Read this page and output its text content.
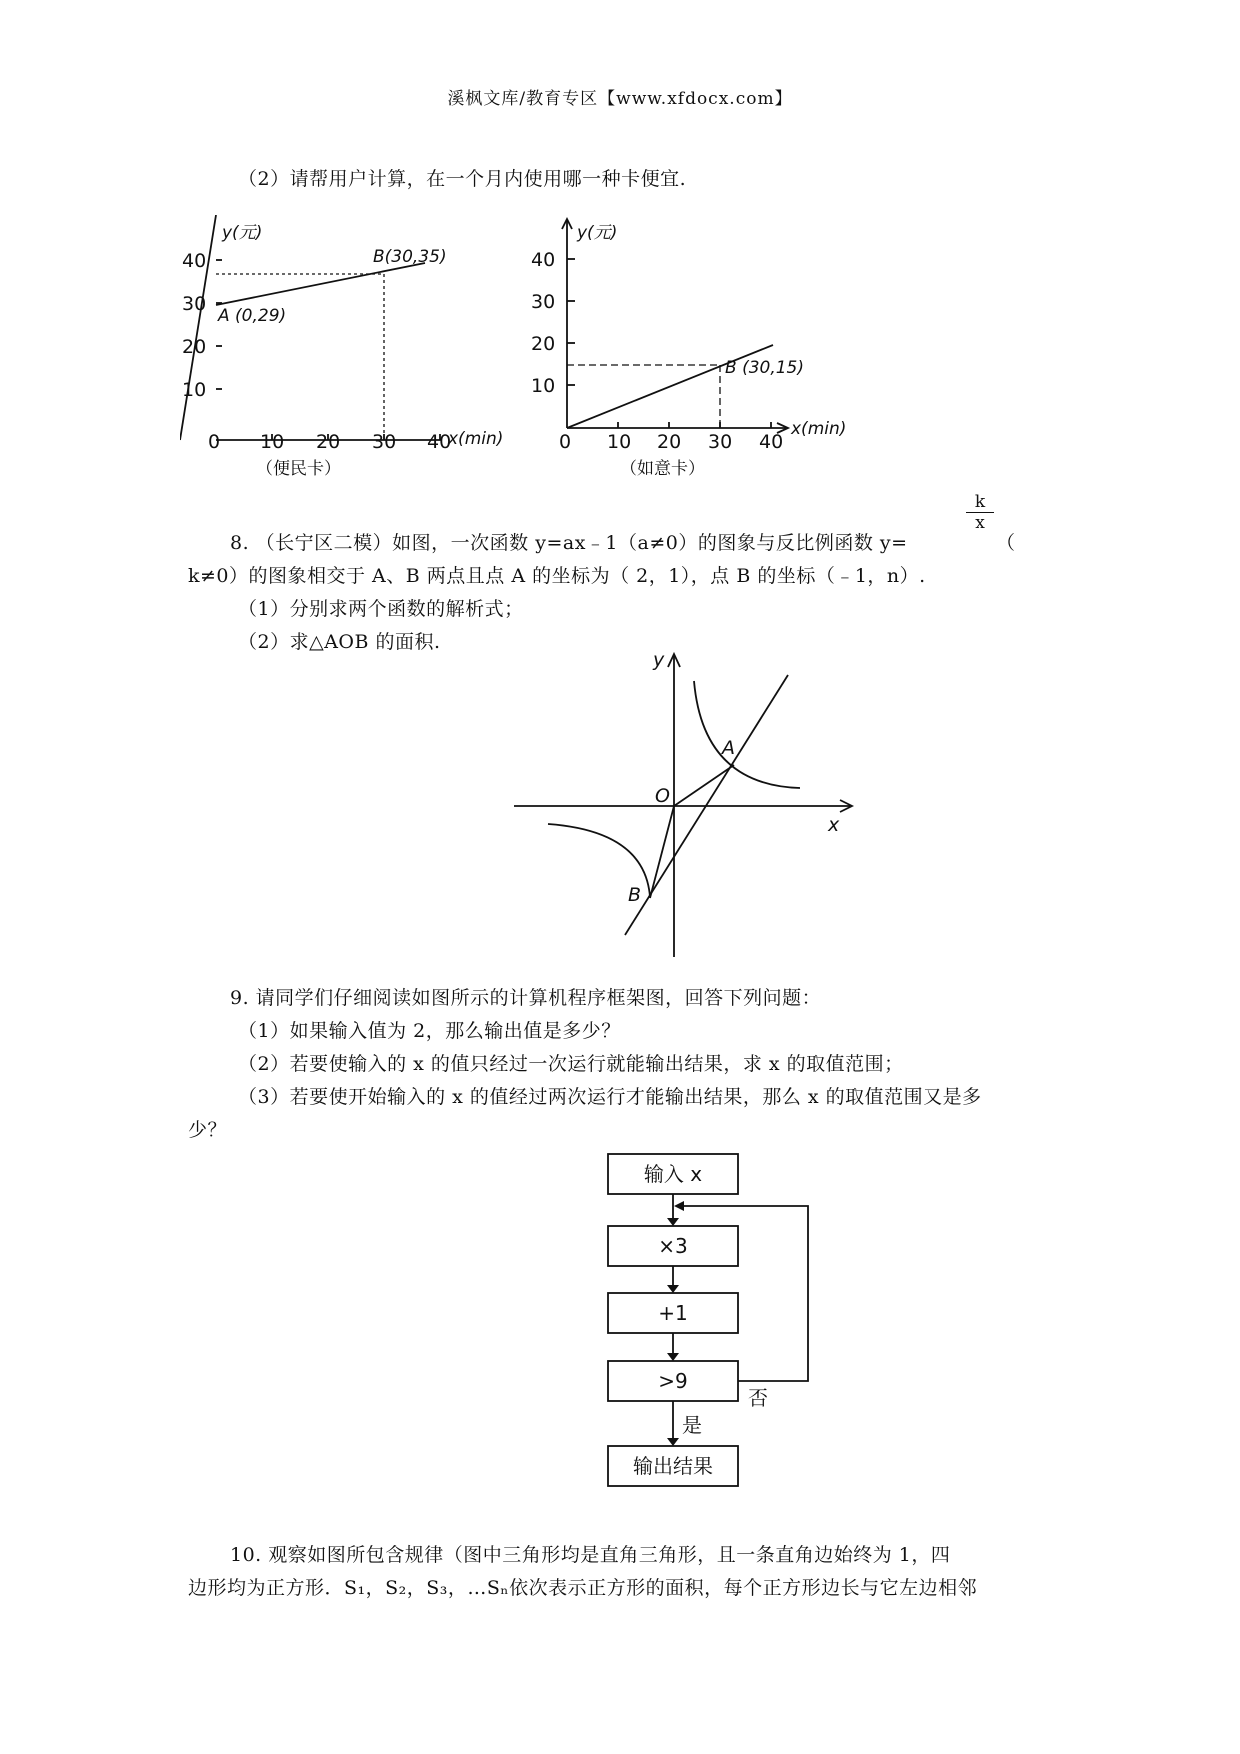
溪枫文库/教育专区【www.xfdocx.com】
（2）请帮用户计算，在一个月内使用哪一种卡便宜.
40
30
20
10
0 10 20 30 40
y(元)
x(min)
A (0,29)
B(30,35)
（便民卡）
40
30
20
10
0 10 20 30 40
y(元)
x(min)
B (30,15)
（如意卡）
8. （长宁区二模）如图，一次函数 y=ax﹣1（a≠0）的图象与反比例函数 y=
$\frac{k}{x}$
（
k≠0）的图象相交于 A、B 两点且点 A 的坐标为（ 2，1），点 B 的坐标（﹣1，n）.
（1）分别求两个函数的解析式；
（2）求△AOB 的面积.
y
x
O
A
B
9. 请同学们仔细阅读如图所示的计算机程序框架图，回答下列问题：
（1）如果输入值为 2，那么输出值是多少？
（2）若要使输入的 x 的值只经过一次运行就能输出结果，求 x 的取值范围；
（3）若要使开始输入的 x 的值经过两次运行才能输出结果，那么 x 的取值范围又是多
少？
输入 x
×3
+1
>9
否
是
输出结果
10. 观察如图所包含规律（图中三角形均是直角三角形，且一条直角边始终为 1，四
边形均为正方形．S₁，S₂，S₃，…Sₙ依次表示正方形的面积，每个正方形边长与它左边相邻
